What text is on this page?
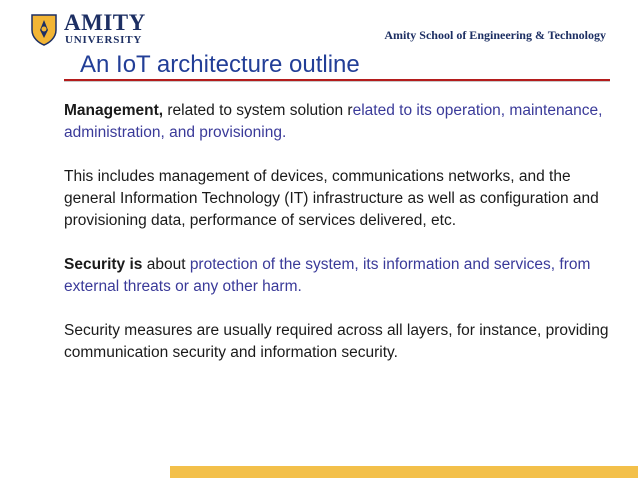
AMITY
UNIVERSITY	Amity School of Engineering & Technology
An IoT architecture outline

Management, related to system solution related to its operation, maintenance, administration, and provisioning.

This includes management of devices, communications networks, and the general Information Technology (IT) infrastructure as well as configuration and provisioning data, performance of services delivered, etc.

Security is about protection of the system, its information and services, from external threats or any other harm.

Security measures are usually required across all layers, for instance, providing communication security and information security.
